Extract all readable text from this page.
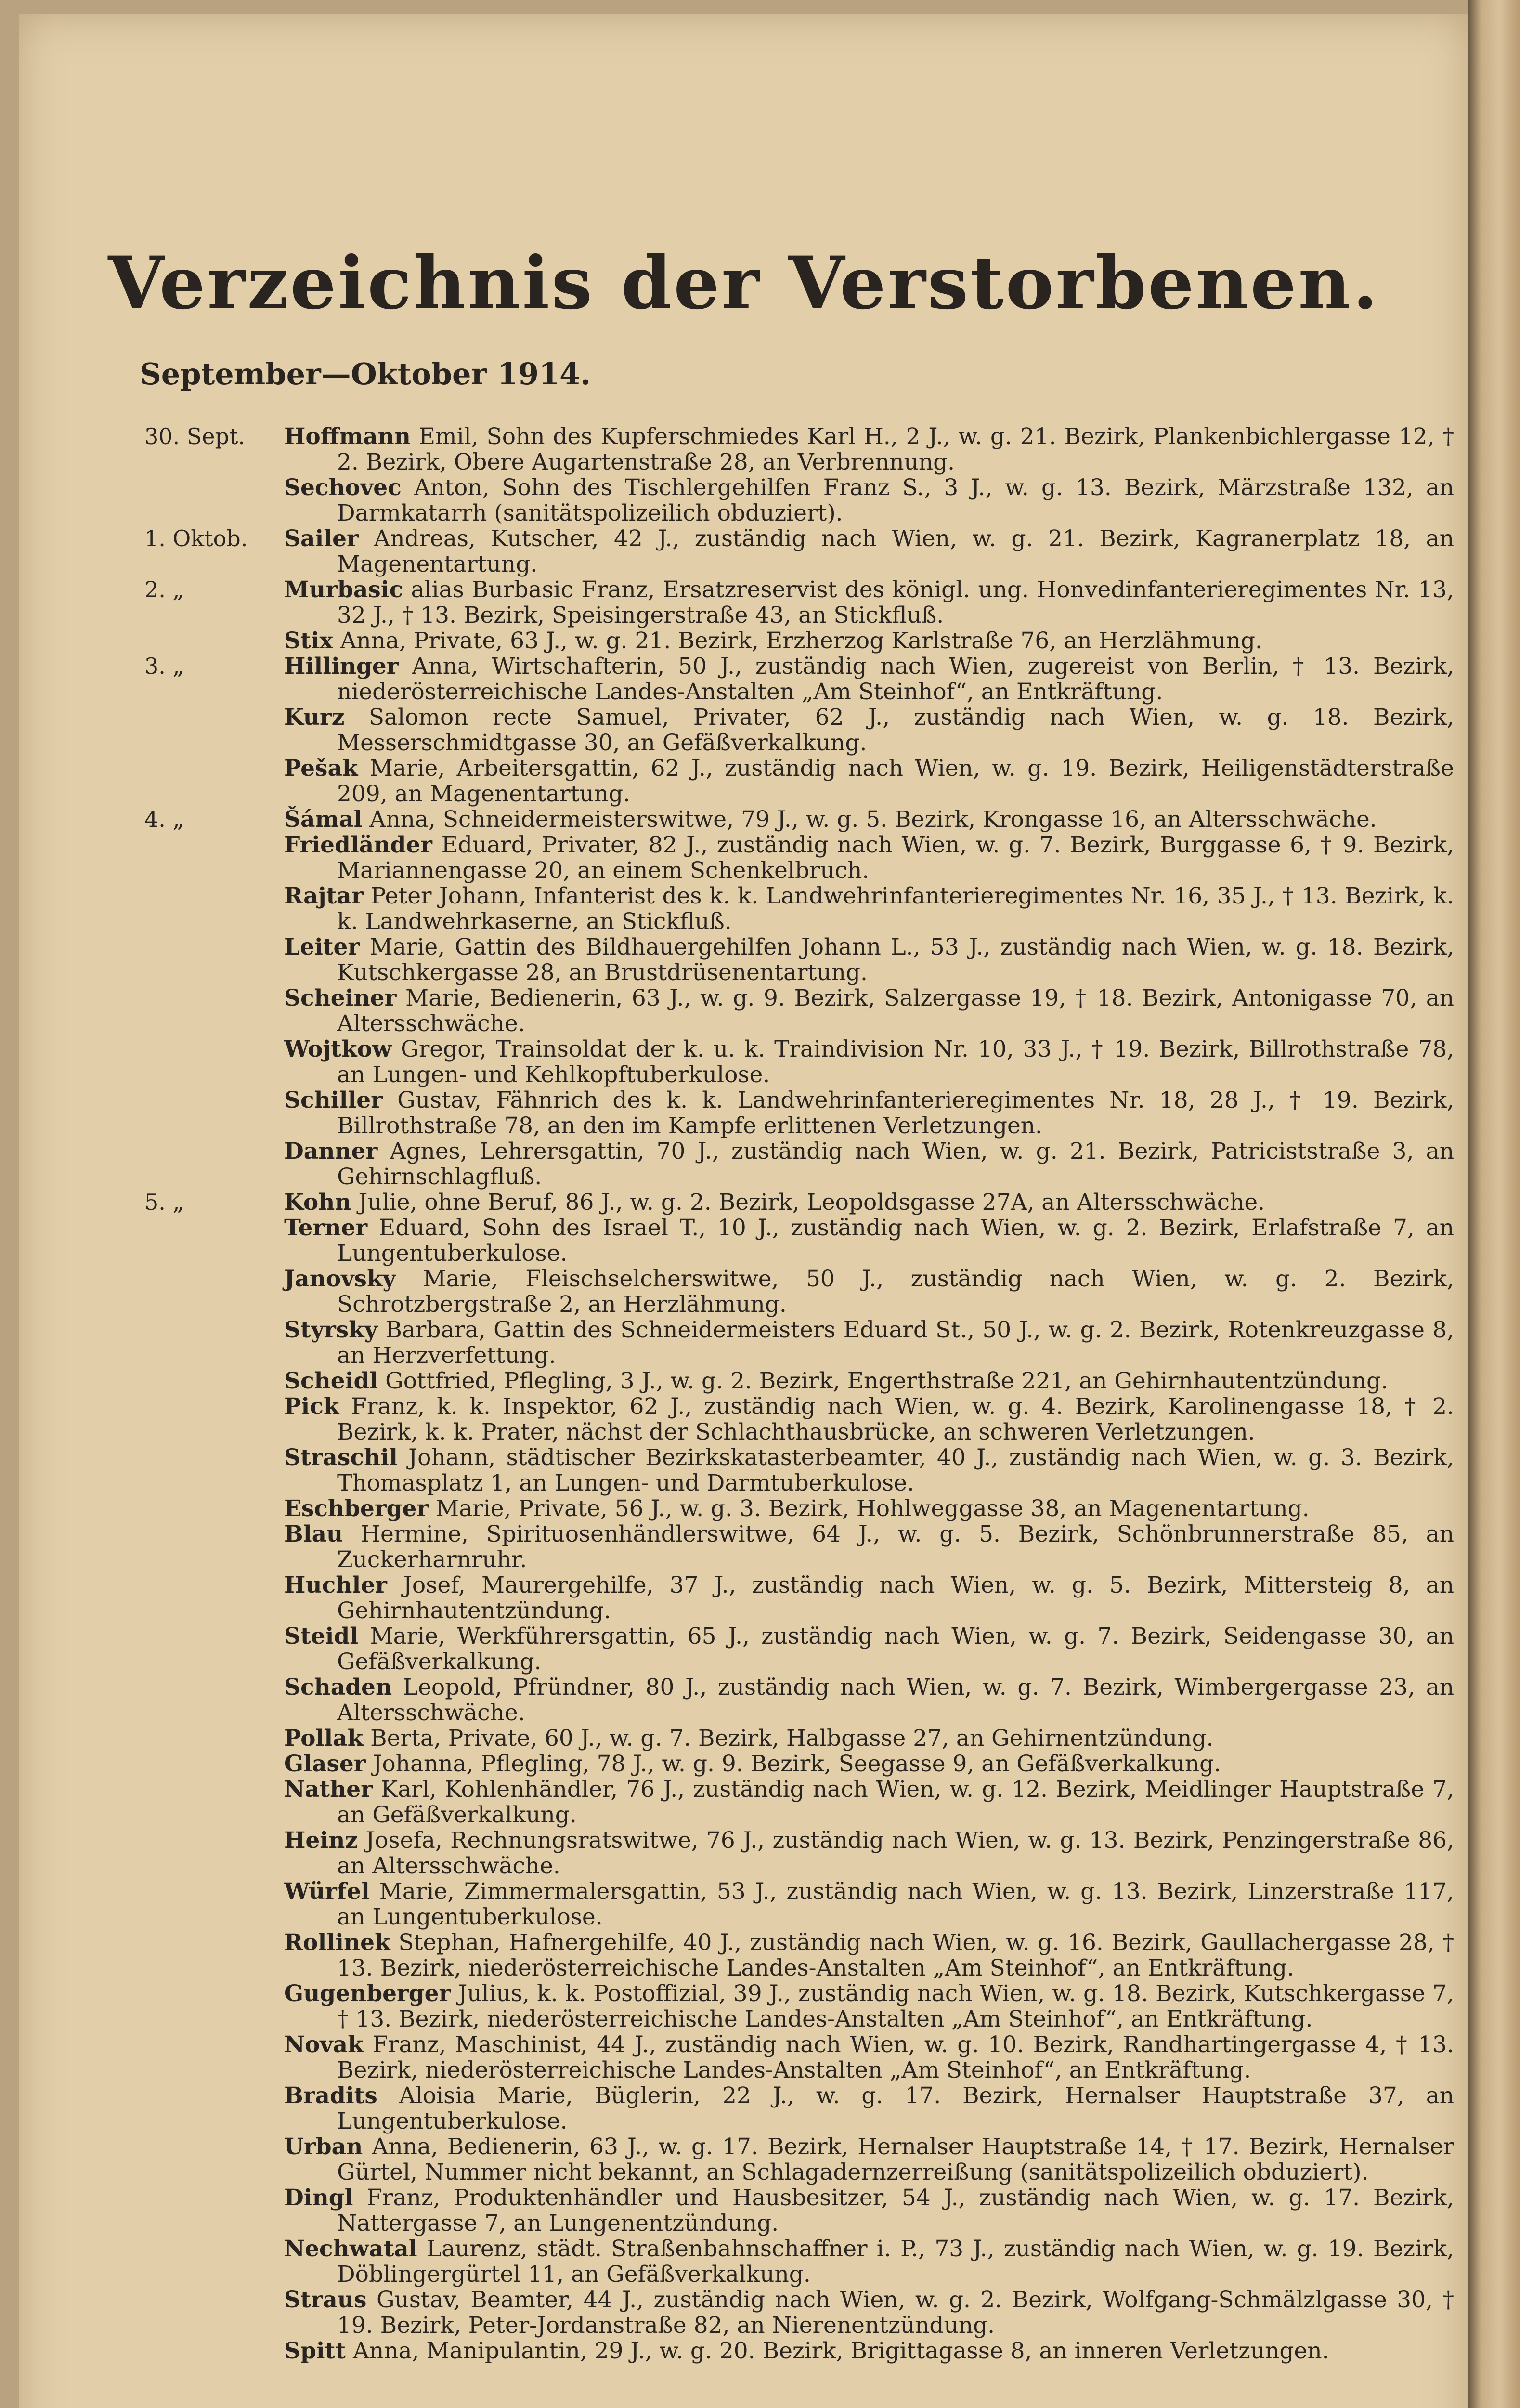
Verzeichnis der Verstorbenen.

September—Oktober 1914.

30. Sept.	Hoffmann Emil, Sohn des Kupferschmiedes Karl H., 2 J., w. g. 21. Bezirk, Plankenbichlergasse 12, † 2. Bezirk, Obere Augartenstraße 28, an Verbrennung.
Sechovec Anton, Sohn des Tischlergehilfen Franz S., 3 J., w. g. 13. Bezirk, Märzstraße 132, an Darmkatarrh (sanitätspolizeilich obduziert).
1. Oktob.	Sailer Andreas, Kutscher, 42 J., zuständig nach Wien, w. g. 21. Bezirk, Kagranerplatz 18, an Magenentartung.
2. „	Murbasic alias Burbasic Franz, Ersatzreservist des königl. ung. Honvedinfanterieregimentes Nr. 13, 32 J., † 13. Bezirk, Speisingerstraße 43, an Stickfluß.
Stix Anna, Private, 63 J., w. g. 21. Bezirk, Erzherzog Karlstraße 76, an Herzlähmung.
3. „	Hillinger Anna, Wirtschafterin, 50 J., zuständig nach Wien, zugereist von Berlin, † 13. Bezirk, niederösterreichische Landes-Anstalten „Am Steinhof“, an Entkräftung.
Kurz Salomon recte Samuel, Privater, 62 J., zuständig nach Wien, w. g. 18. Bezirk, Messerschmidtgasse 30, an Gefäßverkalkung.
Pešak Marie, Arbeitersgattin, 62 J., zuständig nach Wien, w. g. 19. Bezirk, Heiligenstädterstraße 209, an Magenentartung.
4. „	Šámal Anna, Schneidermeisterswitwe, 79 J., w. g. 5. Bezirk, Krongasse 16, an Altersschwäche.
Friedländer Eduard, Privater, 82 J., zuständig nach Wien, w. g. 7. Bezirk, Burggasse 6, † 9. Bezirk, Mariannengasse 20, an einem Schenkelbruch.
Rajtar Peter Johann, Infanterist des k. k. Landwehrinfanterieregimentes Nr. 16, 35 J., † 13. Bezirk, k. k. Landwehrkaserne, an Stickfluß.
Leiter Marie, Gattin des Bildhauergehilfen Johann L., 53 J., zuständig nach Wien, w. g. 18. Bezirk, Kutschkergasse 28, an Brustdrüsenentartung.
Scheiner Marie, Bedienerin, 63 J., w. g. 9. Bezirk, Salzergasse 19, † 18. Bezirk, Antonigasse 70, an Altersschwäche.
Wojtkow Gregor, Trainsoldat der k. u. k. Traindivision Nr. 10, 33 J., † 19. Bezirk, Billrothstraße 78, an Lungen- und Kehlkopftuberkulose.
Schiller Gustav, Fähnrich des k. k. Landwehrinfanterieregimentes Nr. 18, 28 J., † 19. Bezirk, Billrothstraße 78, an den im Kampfe erlittenen Verletzungen.
Danner Agnes, Lehrersgattin, 70 J., zuständig nach Wien, w. g. 21. Bezirk, Patriciststraße 3, an Gehirnschlagfluß.
5. „	Kohn Julie, ohne Beruf, 86 J., w. g. 2. Bezirk, Leopoldsgasse 27A, an Altersschwäche.
Terner Eduard, Sohn des Israel T., 10 J., zuständig nach Wien, w. g. 2. Bezirk, Erlafstraße 7, an Lungentuberkulose.
Janovsky Marie, Fleischselcherswitwe, 50 J., zuständig nach Wien, w. g. 2. Bezirk, Schrotzbergstraße 2, an Herzlähmung.
Styrsky Barbara, Gattin des Schneidermeisters Eduard St., 50 J., w. g. 2. Bezirk, Rotenkreuzgasse 8, an Herzverfettung.
Scheidl Gottfried, Pflegling, 3 J., w. g. 2. Bezirk, Engerthstraße 221, an Gehirnhautentzündung.
Pick Franz, k. k. Inspektor, 62 J., zuständig nach Wien, w. g. 4. Bezirk, Karolinengasse 18, † 2. Bezirk, k. k. Prater, nächst der Schlachthausbrücke, an schweren Verletzungen.
Straschil Johann, städtischer Bezirkskatasterbeamter, 40 J., zuständig nach Wien, w. g. 3. Bezirk, Thomasplatz 1, an Lungen- und Darmtuberkulose.
Eschberger Marie, Private, 56 J., w. g. 3. Bezirk, Hohlweggasse 38, an Magenentartung.
Blau Hermine, Spirituosenhändlerswitwe, 64 J., w. g. 5. Bezirk, Schönbrunnerstraße 85, an Zuckerharnruhr.
Huchler Josef, Maurergehilfe, 37 J., zuständig nach Wien, w. g. 5. Bezirk, Mittersteig 8, an Gehirnhautentzündung.
Steidl Marie, Werkführersgattin, 65 J., zuständig nach Wien, w. g. 7. Bezirk, Seidengasse 30, an Gefäßverkalkung.
Schaden Leopold, Pfründner, 80 J., zuständig nach Wien, w. g. 7. Bezirk, Wimbergergasse 23, an Altersschwäche.
Pollak Berta, Private, 60 J., w. g. 7. Bezirk, Halbgasse 27, an Gehirnentzündung.
Glaser Johanna, Pflegling, 78 J., w. g. 9. Bezirk, Seegasse 9, an Gefäßverkalkung.
Nather Karl, Kohlenhändler, 76 J., zuständig nach Wien, w. g. 12. Bezirk, Meidlinger Hauptstraße 7, an Gefäßverkalkung.
Heinz Josefa, Rechnungsratswitwe, 76 J., zuständig nach Wien, w. g. 13. Bezirk, Penzingerstraße 86, an Altersschwäche.
Würfel Marie, Zimmermalersgattin, 53 J., zuständig nach Wien, w. g. 13. Bezirk, Linzerstraße 117, an Lungentuberkulose.
Rollinek Stephan, Hafnergehilfe, 40 J., zuständig nach Wien, w. g. 16. Bezirk, Gaullachergasse 28, † 13. Bezirk, niederösterreichische Landes-Anstalten „Am Steinhof“, an Entkräftung.
Gugenberger Julius, k. k. Postoffizial, 39 J., zuständig nach Wien, w. g. 18. Bezirk, Kutschkergasse 7, † 13. Bezirk, niederösterreichische Landes-Anstalten „Am Steinhof“, an Entkräftung.
Novak Franz, Maschinist, 44 J., zuständig nach Wien, w. g. 10. Bezirk, Randhartingergasse 4, † 13. Bezirk, niederösterreichische Landes-Anstalten „Am Steinhof“, an Entkräftung.
Bradits Aloisia Marie, Büglerin, 22 J., w. g. 17. Bezirk, Hernalser Hauptstraße 37, an Lungentuberkulose.
Urban Anna, Bedienerin, 63 J., w. g. 17. Bezirk, Hernalser Hauptstraße 14, † 17. Bezirk, Hernalser Gürtel, Nummer nicht bekannt, an Schlagadernzerreißung (sanitätspolizeilich obduziert).
Dingl Franz, Produktenhändler und Hausbesitzer, 54 J., zuständig nach Wien, w. g. 17. Bezirk, Nattergasse 7, an Lungenentzündung.
Nechwatal Laurenz, städt. Straßenbahnschaffner i. P., 73 J., zuständig nach Wien, w. g. 19. Bezirk, Döblingergürtel 11, an Gefäßverkalkung.
Straus Gustav, Beamter, 44 J., zuständig nach Wien, w. g. 2. Bezirk, Wolfgang-Schmälzlgasse 30, † 19. Bezirk, Peter-Jordanstraße 82, an Nierenentzündung.
Spitt Anna, Manipulantin, 29 J., w. g. 20. Bezirk, Brigittagasse 8, an inneren Verletzungen.
